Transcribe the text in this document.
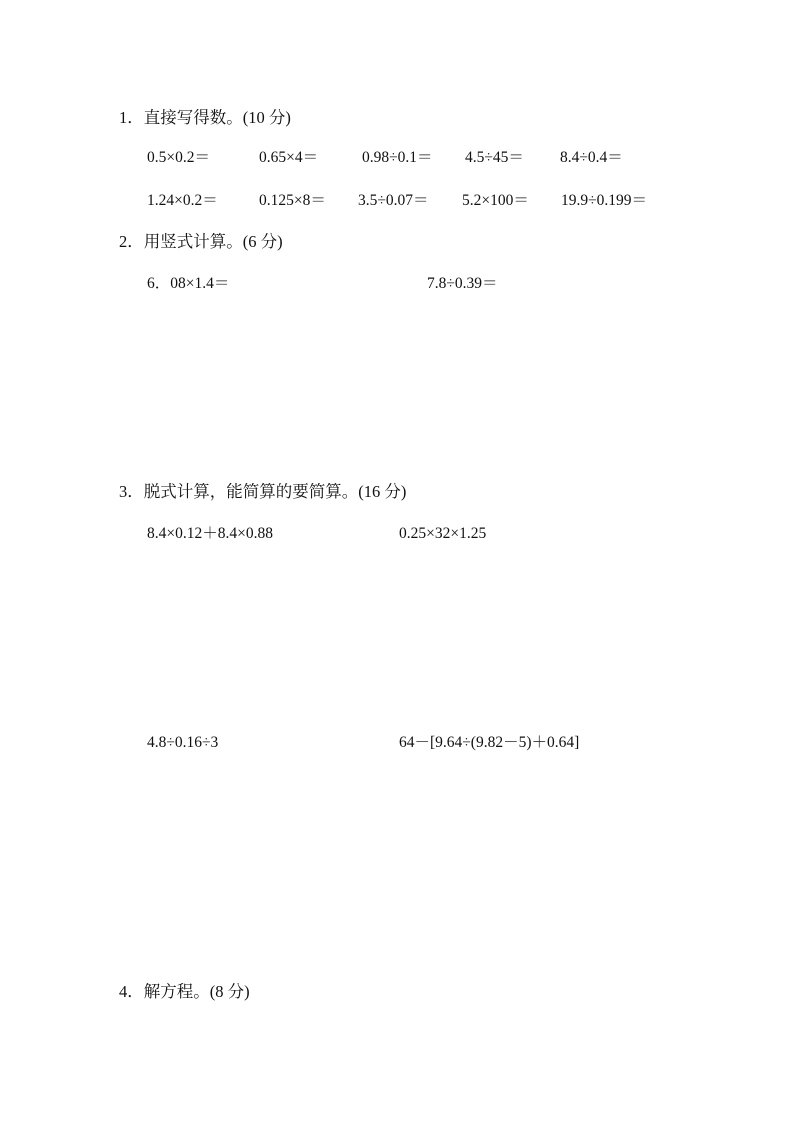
1．直接写得数。(10 分)
0.5×0.2＝	0.65×4＝	0.98÷0.1＝ 4.5÷45＝ 8.4÷0.4＝
1.24×0.2＝	0.125×8＝ 3.5÷0.07＝ 5.2×100＝ 19.9÷0.199＝
2．用竖式计算。(6 分)
6．08×1.4＝	7.8÷0.39＝
3．脱式计算，能简算的要简算。(16 分)
8.4×0.12＋8.4×0.88	0.25×32×1.25
4.8÷0.16÷3	64－[9.64÷(9.82－5)＋0.64]
4．解方程。(8 分)
